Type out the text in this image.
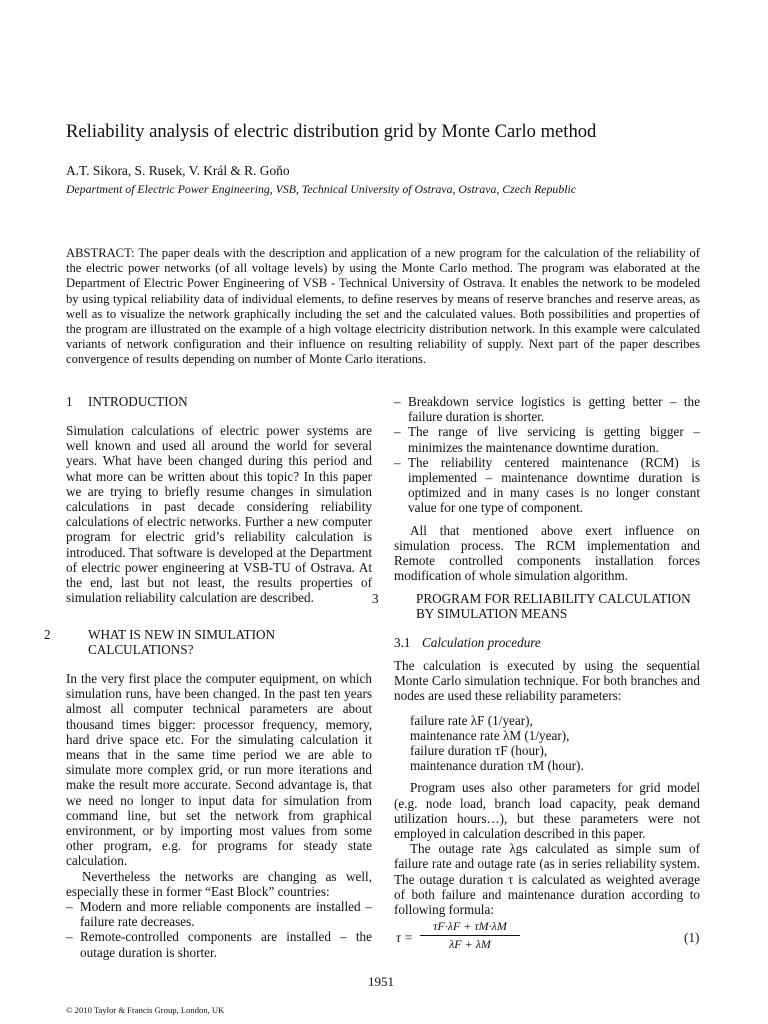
Reliability analysis of electric distribution grid by Monte Carlo method
A.T. Sikora, S. Rusek, V. Král & R. Goňo
Department of Electric Power Engineering, VSB, Technical University of Ostrava, Ostrava, Czech Republic
ABSTRACT: The paper deals with the description and application of a new program for the calculation of the reliability of the electric power networks (of all voltage levels) by using the Monte Carlo method. The program was elaborated at the Department of Electric Power Engineering of VSB - Technical University of Ostrava. It enables the network to be modeled by using typical reliability data of individual elements, to define reserves by means of reserve branches and reserve areas, as well as to visualize the network graphically including the set and the calculated values. Both possibilities and properties of the program are illustrated on the example of a high voltage electricity distribution network. In this example were calculated variants of network configuration and their influence on resulting reliability of supply. Next part of the paper describes convergence of results depending on number of Monte Carlo iterations.
1 INTRODUCTION

Simulation calculations of electric power systems are well known and used all around the world for several years. What have been changed during this period and what more can be written about this topic? In this paper we are trying to briefly resume changes in simulation calculations in past decade considering reliability calculations of electric networks. Further a new computer program for electric grid’s reliability calculation is introduced. That software is developed at the Department of electric power engineering at VSB-TU of Ostrava. At the end, last but not least, the results properties of simulation reliability calculation are described.

2	WHAT IS NEW IN SIMULATION CALCULATIONS?

In the very first place the computer equipment, on which simulation runs, have been changed. In the past ten years almost all computer technical parameters are about thousand times bigger: processor frequency, memory, hard drive space etc. For the simulating calculation it means that in the same time period we are able to simulate more complex grid, or run more iterations and make the result more accurate. Second advantage is, that we need no longer to input data for simulation from command line, but set the network from graphical environment, or by importing most values from some other program, e.g. for programs for steady state calculation.

Nevertheless the networks are changing as well, especially these in former “East Block” countries:

– Modern and more reliable components are installed – failure rate decreases.
– Remote-controlled components are installed – the outage duration is shorter.
– Breakdown service logistics is getting better – the failure duration is shorter.
– The range of live servicing is getting bigger – minimizes the maintenance downtime duration.
– The reliability centered maintenance (RCM) is implemented – maintenance downtime duration is optimized and in many cases is no longer constant value for one type of component.

All that mentioned above exert influence on simulation process. The RCM implementation and Remote controlled components installation forces modification of whole simulation algorithm.

3	PROGRAM FOR RELIABILITY CALCULATION BY SIMULATION MEANS
3.1 Calculation procedure

The calculation is executed by using the sequential Monte Carlo simulation technique. For both branches and nodes are used these reliability parameters:

failure rate λF (1/year),
maintenance rate λM (1/year),
failure duration τF (hour),
maintenance duration τM (hour).

Program uses also other parameters for grid model (e.g. node load, branch load capacity, peak demand utilization hours…), but these parameters were not employed in calculation described in this paper.

The outage rate λgs calculated as simple sum of failure rate and outage rate (as in series reliability system. The outage duration τ is calculated as weighted average of both failure and maintenance duration according to following formula:

$\tau = \frac{\tau F\cdot\lambda F + \tau M\cdot\lambda M}{\lambda F + \lambda M}$	(1)
1951
© 2010 Taylor & Francis Group, London, UK
